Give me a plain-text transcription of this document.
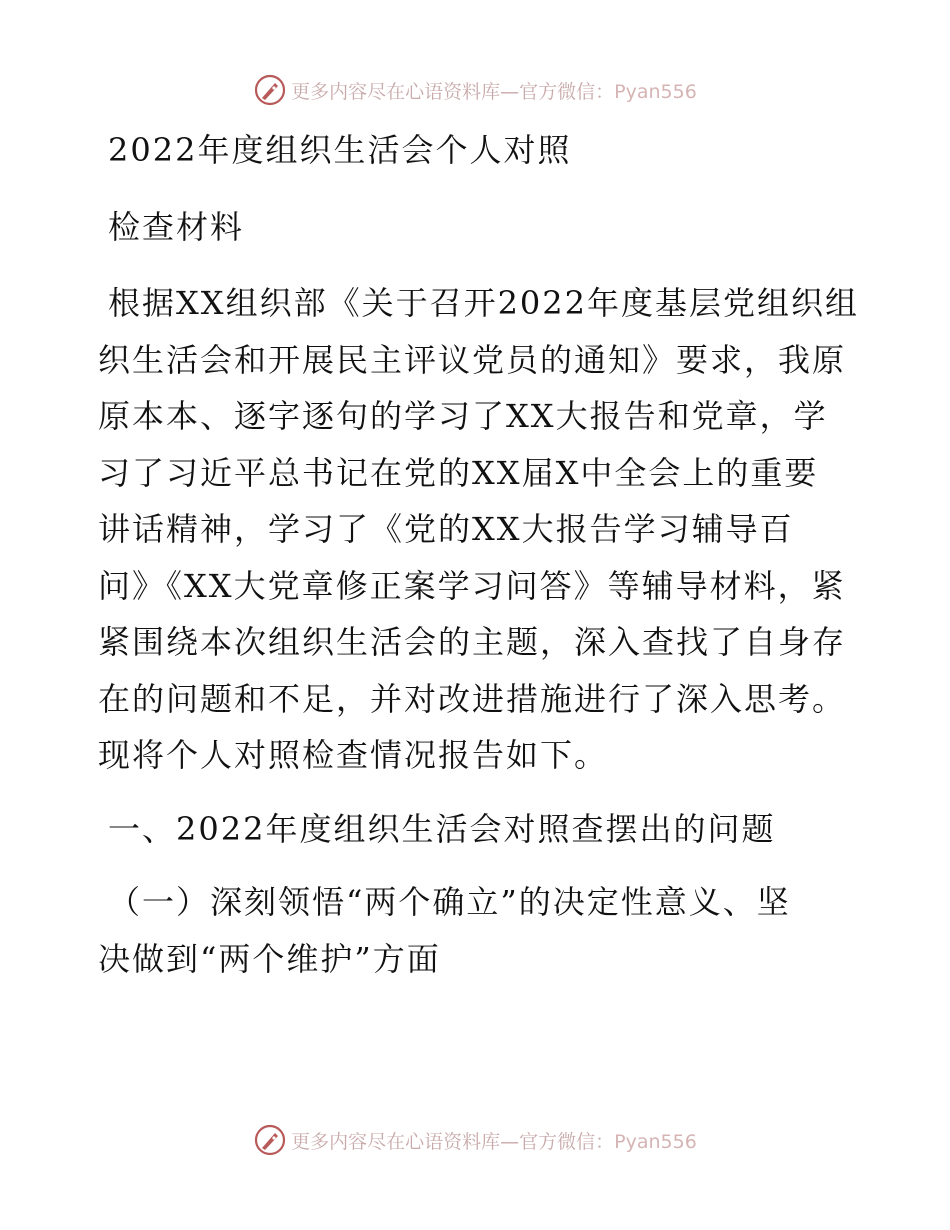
更多内容尽在心语资料库—官方微信：Pyan556
2022年度组织生活会个人对照
检查材料
根据XX组织部《关于召开2022年度基层党组织组
织生活会和开展民主评议党员的通知》要求，我原
原本本、逐字逐句的学习了XX大报告和党章，学
习了习近平总书记在党的XX届X中全会上的重要
讲话精神，学习了《党的XX大报告学习辅导百
问》《XX大党章修正案学习问答》等辅导材料，紧
紧围绕本次组织生活会的主题，深入查找了自身存
在的问题和不足，并对改进措施进行了深入思考。
现将个人对照检查情况报告如下。
一、2022年度组织生活会对照查摆出的问题
（一）深刻领悟“两个确立”的决定性意义、坚
决做到“两个维护”方面
更多内容尽在心语资料库—官方微信：Pyan556
